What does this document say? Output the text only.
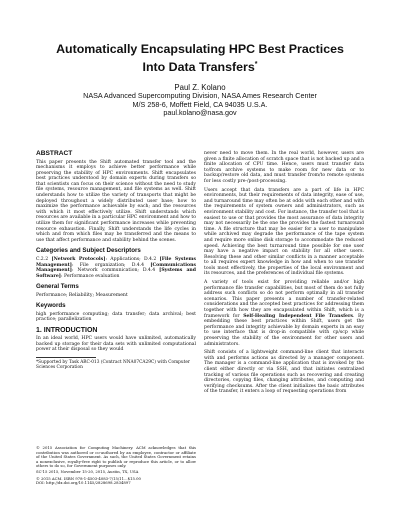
Automatically Encapsulating HPC Best Practices
Into Data Transfers*
Paul Z. Kolano
NASA Advanced Supercomputing Division, NASA Ames Research Center
M/S 258-6, Moffett Field, CA 94035 U.S.A.
paul.kolano@nasa.gov
ABSTRACT

This paper presents the Shift automated transfer tool and the mechanisms it employs to achieve better performance while preserving the stability of HPC environments. Shift encapsulates best practices understood by domain experts during transfers so that scientists can focus on their science without the need to study file systems, resource management, and file systems as well. Shift understands how to utilize the variety of transports that might be deployed throughout a widely distributed user base; how to maximize the performance achievable by each; and the resources with which it most effectively utilize. Shift understands which resources are available in a particular HPC environment and how to utilize them for significant performance increases while preventing resource exhaustion. Finally, Shift understands the life cycles in which and from which files may be transferred and the means to use that affect performance and stability behind the scenes.

Categories and Subject Descriptors

C.2.2 [Network Protocols]: Applications; D.4.2 [File Systems Management]: File organization; D.4.4 [Communications Management]: Network communication; D.4.4 [Systems and Software]: Performance evaluation

General Terms

Performance; Reliability; Measurement

Keywords

high performance computing; data transfer; data archival; best practice; parallelization

1. INTRODUCTION

In an ideal world, HPC users would have unlimited, automatically backed up storage for their data sets with unlimited computational power at their disposal so they would

*Supported by Task ARC-013 (Contract NNA07CA29C) with Computer Sciences Corporation

© 2015 Association for Computing Machinery. ACM acknowledges that this contribution was authored or co-authored by an employee, contractor or affiliate of the United States Government. As such, the United States Government retains a nonexclusive, royalty-free right to publish or reproduce this article, or to allow others to do so, for Government purposes only.

SC'15 2015, November 15-20, 2015, Austin, TX, USA

© 2015 ACM. ISBN 978-1-4503-4083-7/15/11...$15.00
DOI: http://dx.doi.org/10.1145/2828698.2834897

never need to move them. In the real world, however, users are given a finite allocation of scratch space that is not backed up and a finite allocation of CPU time. Hence, users must transfer data to/from archive systems to make room for new data or to backup/restore old data, and must transfer from/to remote systems for less costly pre-/post-processing.

Users accept that data transfers are a part of life in HPC environments, but their requirements of data integrity, ease of use, and turnaround time may often be at odds with each other and with the requirements of system owners and administrators, such as environment stability and cost. For instance, the transfer tool that is easiest to use or that provides the most assurance of data integrity may not necessarily be the one the provides the fastest turnaround time. A file structure that may be easier for a user to manipulate while archived may degrade the performance of the tape system and require more online disk storage to accommodate the reduced speed. Achieving the best turnaround time possible for one user may have a negative impact on stability for all other users. Resolving these and other similar conflicts in a manner acceptable to all requires expert knowledge in how and when to use transfer tools most effectively, the properties of the local environment and its resources, and the preferences of individual file systems.

A variety of tools exist for providing reliable and/or high performance file transfer capabilities, but most of them do not fully address such conflicts so do not perform optimally in all transfer scenarios. This paper presents a number of transfer-related considerations and the accepted best practices for addressing them together with how they are encapsulated within Shift, which is a framework for Self-Healing Independent File Transfers. By embedding these best practices within Shift, users get the performance and integrity achievable by domain experts in an easy to use interface that is drop-in compatible with cp/scp while preserving the stability of the environment for other users and administrators.

Shift consists of a lightweight command-line client that interacts with and performs actions as directed by a manager component. The manager is a command-line application that is invoked by the client either directly or via SSH, and that initiates centralized tracking of various file operations such as recovering and creating directories, copying files, changing attributes, and computing and verifying checksums. After the client initializes the basic attributes of the transfer, it enters a loop of requesting operations from
